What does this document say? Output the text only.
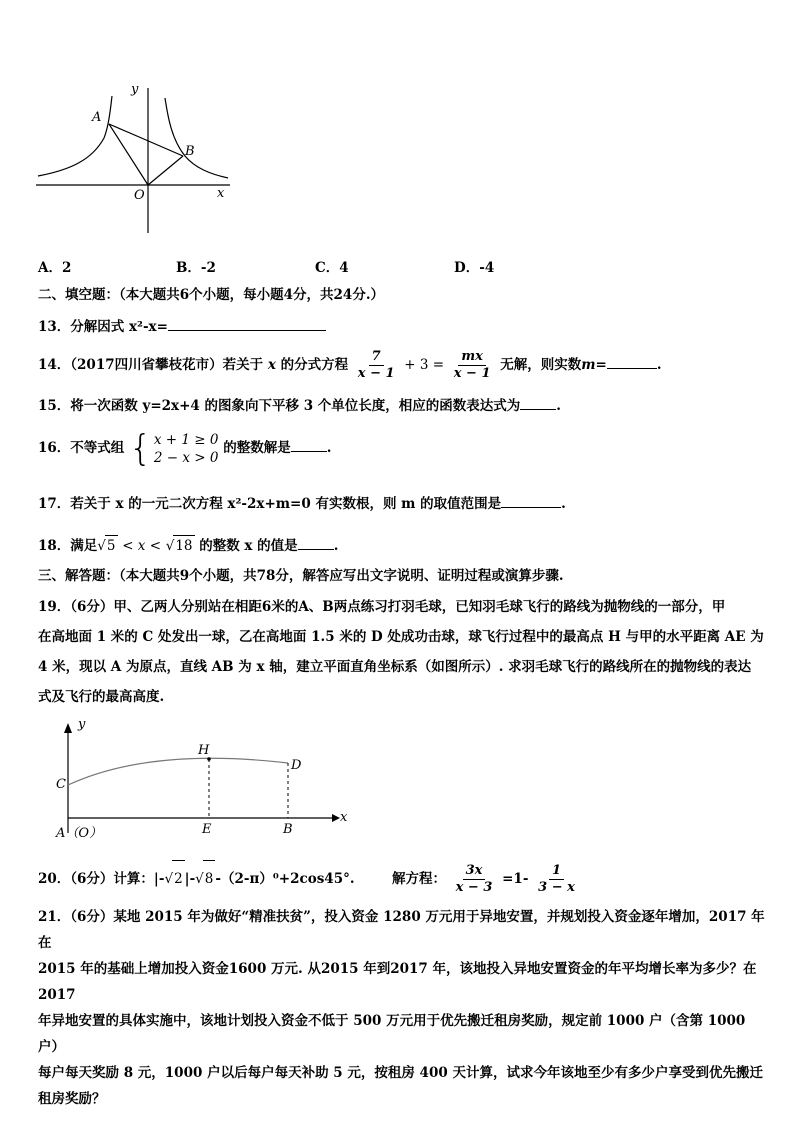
y
x
O
A
B
A．2	B．-2	C．4	D．-4
二、填空题：（本大题共6个小题，每小题4分，共24分.）
13．分解因式 x²-x=
14．（2017四川省攀枝花市）若关于 x 的分式方程 $\frac{7}{x - 1} + 3 = \frac{mx}{x - 1}$ 无解，则实数m=	.
15．将一次函数 y=2x+4 的图象向下平移 3 个单位长度，相应的函数表达式为	.
16．不等式组 { x + 1 ≥ 0
2 − x > 0
的整数解是	.
17．若关于 x 的一元二次方程 x²-2x+m=0 有实数根，则 m 的取值范围是	.
18．满足√5 < x < √18 的整数 x 的值是	.
三、解答题：（本大题共9个小题，共78分，解答应写出文字说明、证明过程或演算步骤.
19．（6分）甲、乙两人分别站在相距6米的A、B两点练习打羽毛球，已知羽毛球飞行的路线为抛物线的一部分，甲
在高地面 1 米的 C 处发出一球，乙在高地面 1.5 米的 D 处成功击球，球飞行过程中的最高点 H 与甲的水平距离 AE 为
4 米，现以 A 为原点，直线 AB 为 x 轴，建立平面直角坐标系（如图所示）. 求羽毛球飞行的路线所在的抛物线的表达
式及飞行的最高高度.
y
x
C
H
D
A（O）	E	B
20．（6分）计算：|-√2 |-√8 -（2-π）⁰+2cos45°.	解方程： $\frac{3x}{x - 3} =1- \frac{1}{3 - x}$
21．（6分）某地 2015 年为做好“精准扶贫”，投入资金 1280 万元用于异地安置，并规划投入资金逐年增加，2017 年在
2015 年的基础上增加投入资金1600 万元. 从2015 年到2017 年，该地投入异地安置资金的年平均增长率为多少？在2017
年异地安置的具体实施中，该地计划投入资金不低于 500 万元用于优先搬迁租房奖励，规定前 1000 户（含第 1000 户）
每户每天奖励 8 元，1000 户以后每户每天补助 5 元，按租房 400 天计算，试求今年该地至少有多少户享受到优先搬迁
租房奖励？
